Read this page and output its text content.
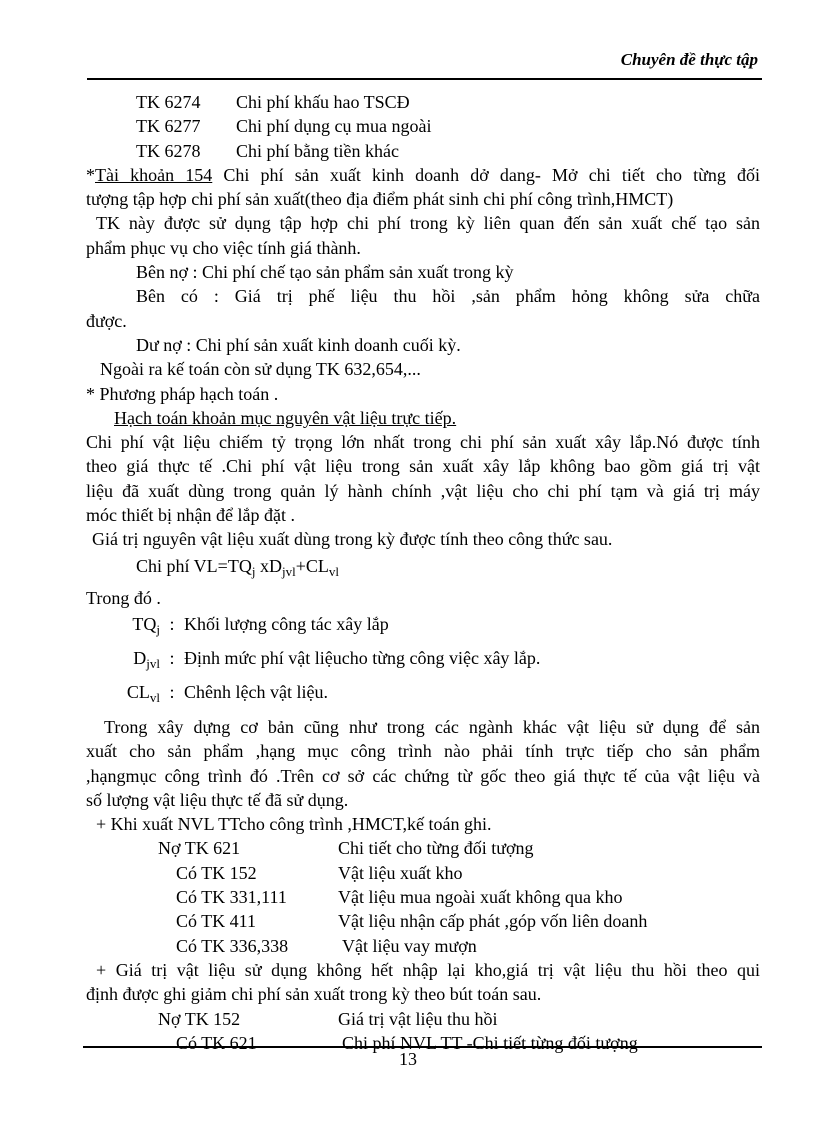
Chuyên đề thực tập

TK 6274 Chi phí khấu hao TSCĐ

TK 6277 Chi phí dụng cụ mua ngoài

TK 6278 Chi phí bằng tiền khác

*Tài khoản 154 Chi phí sản xuất kinh doanh dở dang- Mở chi tiết cho từng đối

tượng tập hợp chi phí sản xuất(theo địa điểm phát sinh chi phí công trình,HMCT)

TK này được sử dụng tập hợp chi phí trong kỳ liên quan đến sản xuất chế tạo sản

phẩm phục vụ cho việc tính giá thành.

Bên nợ : Chi phí chế tạo sản phẩm sản xuất trong kỳ

Bên có : Giá trị phế liệu thu hồi ,sản phẩm hỏng không sửa chữa

được.

Dư nợ : Chi phí sản xuất kinh doanh cuối kỳ.

Ngoài ra kế toán còn sử dụng TK 632,654,...

* Phương pháp hạch toán .

Hạch toán khoản mục nguyên vật liệu trực tiếp.

Chi phí vật liệu chiếm tỷ trọng lớn nhất trong chi phí sản xuất xây lắp.Nó được tính

theo giá thực tế .Chi phí vật liệu trong sản xuất xây lắp không bao gồm giá trị vật

liệu đã xuất dùng trong quản lý hành chính ,vật liệu cho chi phí tạm và giá trị máy

móc thiết bị nhận để lắp đặt .

Giá trị nguyên vật liệu xuất dùng trong kỳ được tính theo công thức sau.

Chi phí $VL=TQ_j$ $xD_{jvl}+CL_{vl}$

Trong đó .

$TQ_j$ : Khối lượng công tác xây lắp

$D_{jvl}$ : Định mức phí vật liệucho từng công việc xây lắp.

$CL_{vl}$ : Chênh lệch vật liệu.

Trong xây dựng cơ bản cũng như trong các ngành khác vật liệu sử dụng để sản

xuất cho sản phẩm ,hạng mục công trình nào phải tính trực tiếp cho sản phẩm

,hạngmục công trình đó .Trên cơ sở các chứng từ gốc theo giá thực tế của vật liệu và

số lượng vật liệu thực tế đã sử dụng.

+ Khi xuất NVL TTcho công trình ,HMCT,kế toán ghi.

Nợ TK 621	Chi tiết cho từng đối tượng

Có TK 152	Vật liệu xuất kho

Có TK 331,111	Vật liệu mua ngoài xuất không qua kho

Có TK 411	Vật liệu nhận cấp phát ,góp vốn liên doanh

Có TK 336,338	Vật liệu vay mượn

+ Giá trị vật liệu sử dụng không hết nhập lại kho,giá trị vật liệu thu hồi theo qui

định được ghi giảm chi phí sản xuất trong kỳ theo bút toán sau.

Nợ TK 152	Giá trị vật liệu thu hồi

Có TK 621	Chi phí NVL TT -Chi tiết từng đối tượng

13
